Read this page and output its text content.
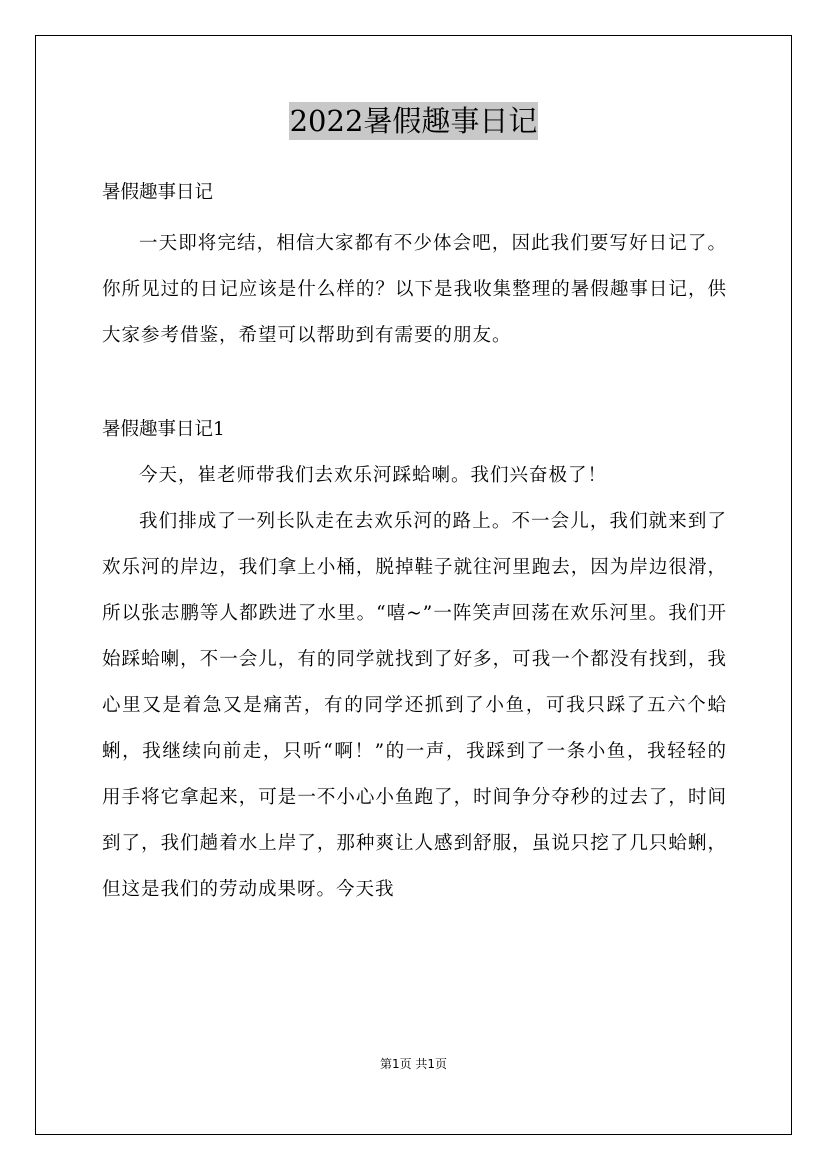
2022暑假趣事日记
暑假趣事日记

一天即将完结，相信大家都有不少体会吧，因此我们要写好日记了。你所见过的日记应该是什么样的？以下是我收集整理的暑假趣事日记，供大家参考借鉴，希望可以帮助到有需要的朋友。

暑假趣事日记1

今天，崔老师带我们去欢乐河踩蛤喇。我们兴奋极了！

我们排成了一列长队走在去欢乐河的路上。不一会儿，我们就来到了欢乐河的岸边，我们拿上小桶，脱掉鞋子就往河里跑去，因为岸边很滑，所以张志鹏等人都跌进了水里。“嘻~”一阵笑声回荡在欢乐河里。我们开始踩蛤喇，不一会儿，有的同学就找到了好多，可我一个都没有找到，我心里又是着急又是痛苦，有的同学还抓到了小鱼，可我只踩了五六个蛤蜊，我继续向前走，只听“啊！”的一声，我踩到了一条小鱼，我轻轻的用手将它拿起来，可是一不小心小鱼跑了，时间争分夺秒的过去了，时间到了，我们趟着水上岸了，那种爽让人感到舒服，虽说只挖了几只蛤蜊，但这是我们的劳动成果呀。今天我

第1页 共1页
